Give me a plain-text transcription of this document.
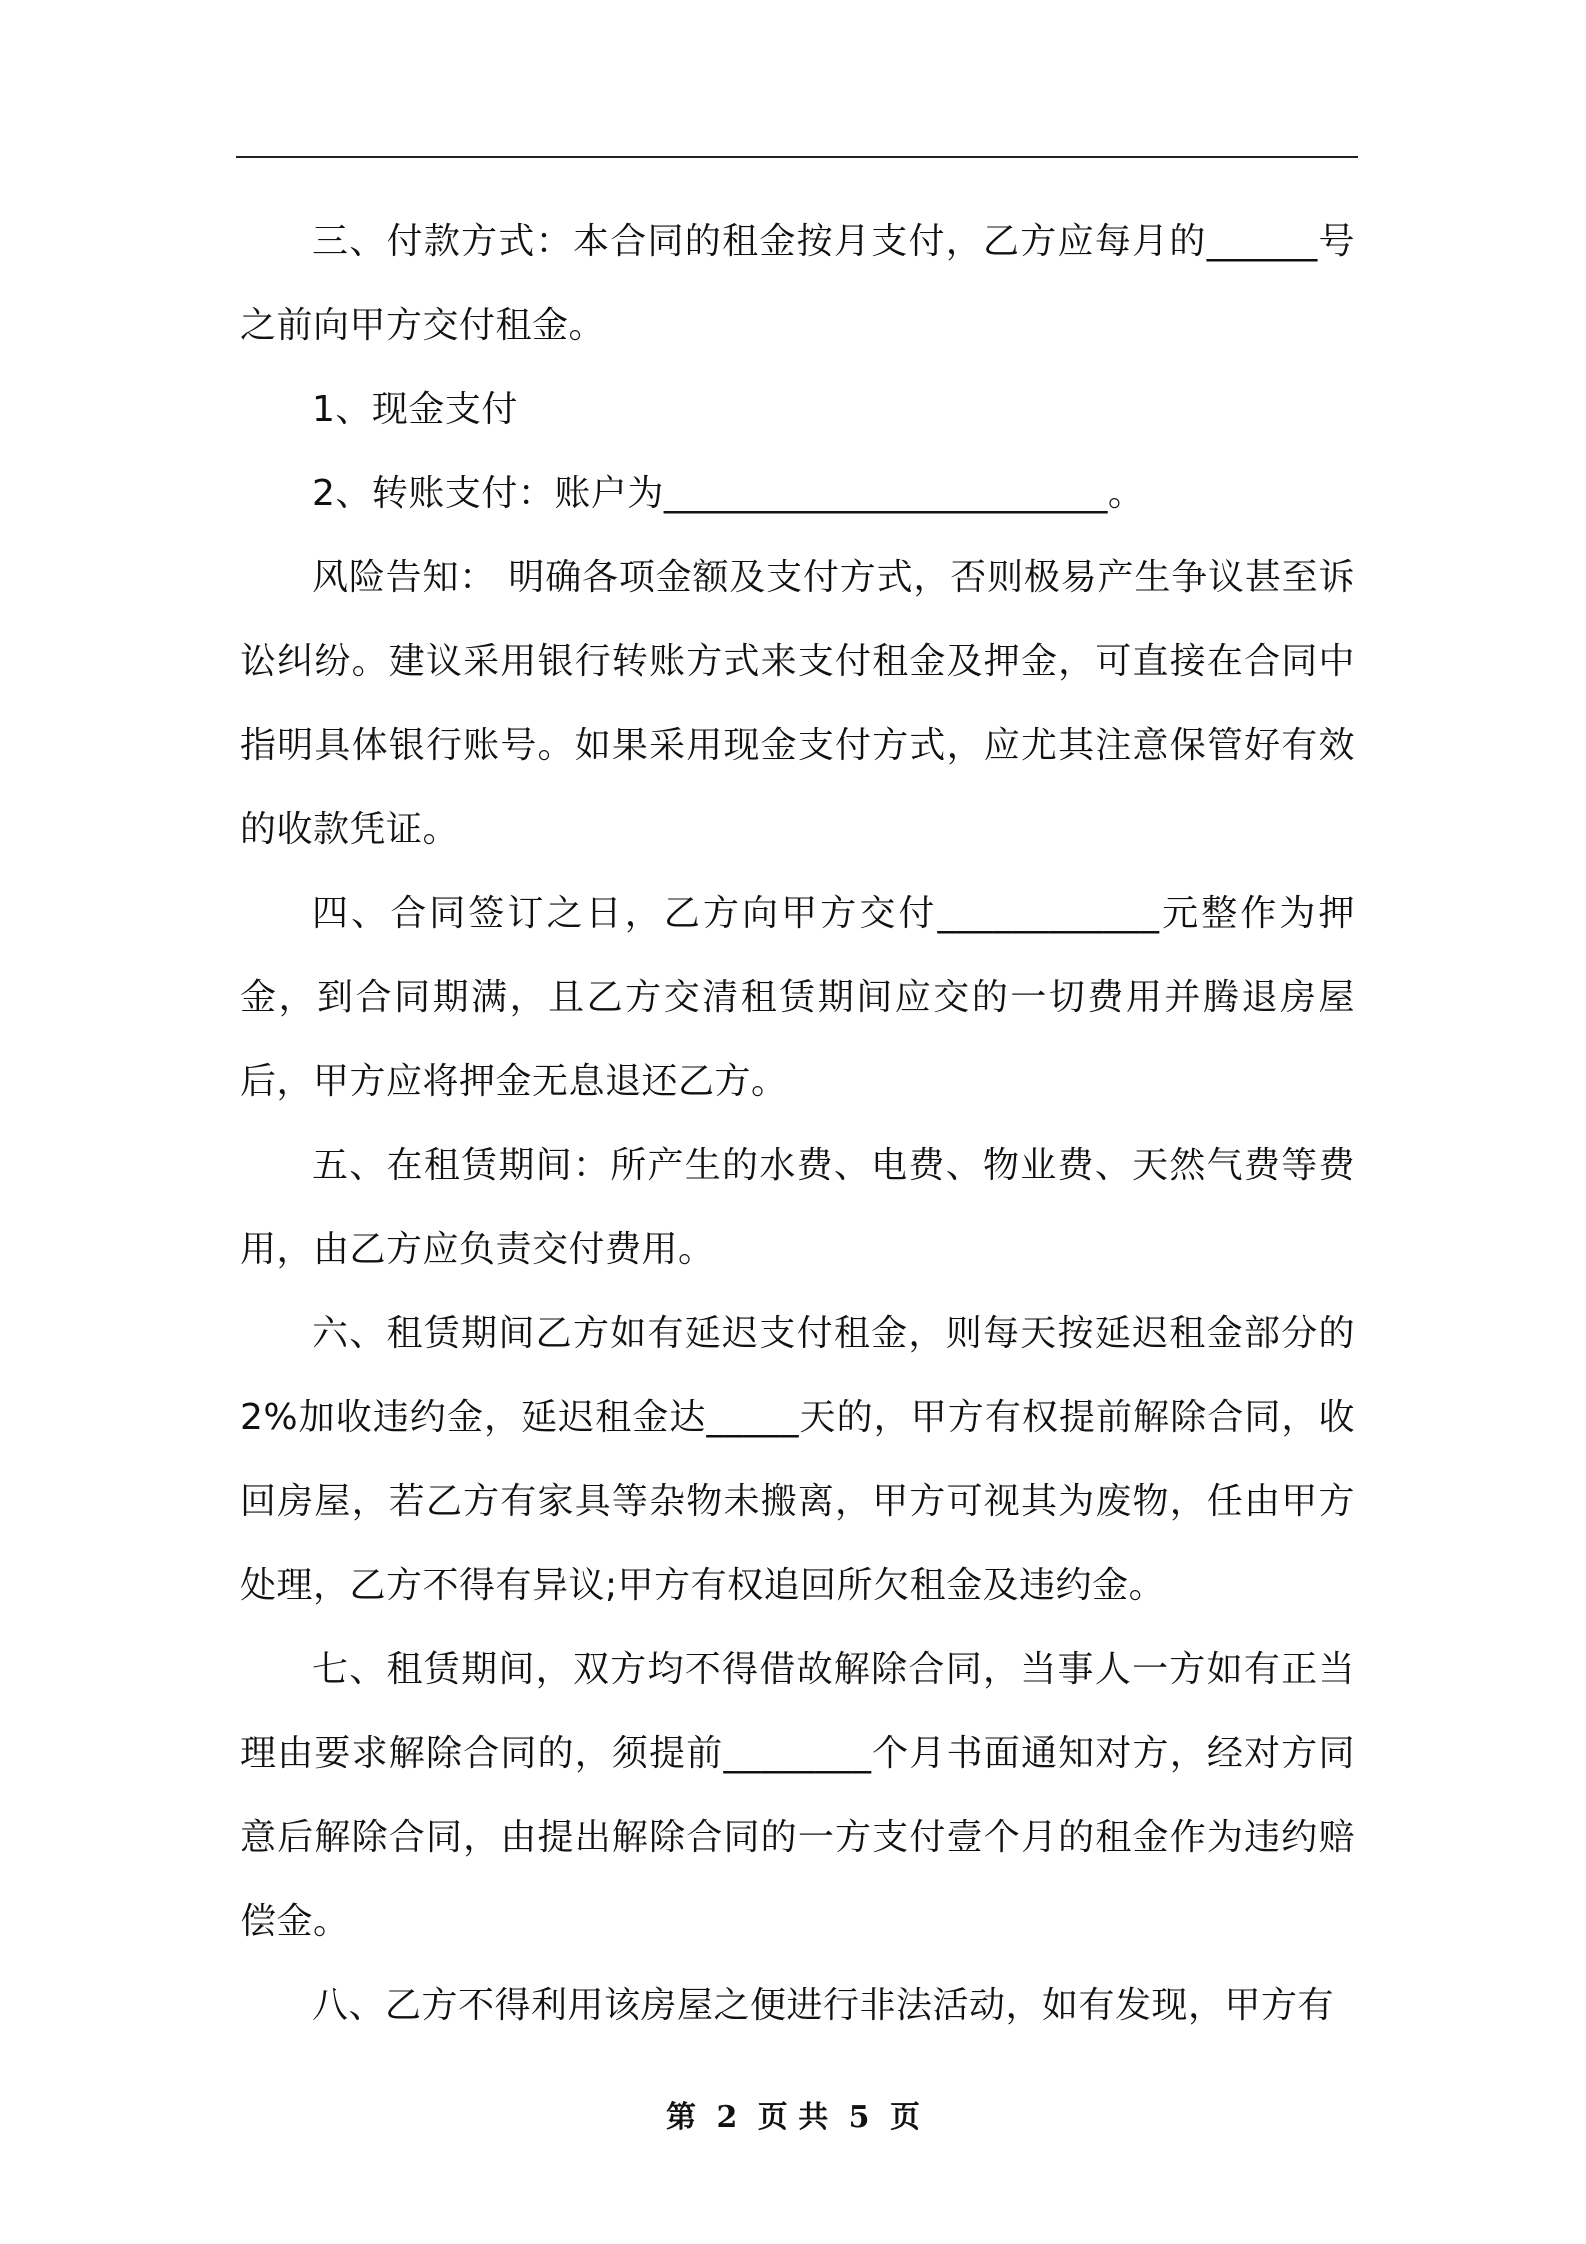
三、付款方式：本合同的租金按月支付，乙方应每月的______号之前向甲方交付租金。

1、现金支付

2、转账支付：账户为________________________。

风险告知： 明确各项金额及支付方式，否则极易产生争议甚至诉讼纠纷。建议采用银行转账方式来支付租金及押金，可直接在合同中指明具体银行账号。如果采用现金支付方式，应尤其注意保管好有效的收款凭证。

四、合同签订之日，乙方向甲方交付____________元整作为押金，到合同期满，且乙方交清租赁期间应交的一切费用并腾退房屋后，甲方应将押金无息退还乙方。

五、在租赁期间：所产生的水费、电费、物业费、天然气费等费用，由乙方应负责交付费用。

六、租赁期间乙方如有延迟支付租金，则每天按延迟租金部分的2%加收违约金，延迟租金达_____天的，甲方有权提前解除合同，收回房屋，若乙方有家具等杂物未搬离，甲方可视其为废物，任由甲方处理，乙方不得有异议;甲方有权追回所欠租金及违约金。

七、租赁期间，双方均不得借故解除合同，当事人一方如有正当理由要求解除合同的，须提前________个月书面通知对方，经对方同意后解除合同，由提出解除合同的一方支付壹个月的租金作为违约赔偿金。

八、乙方不得利用该房屋之便进行非法活动，如有发现，甲方有

第 2 页 共 5 页
